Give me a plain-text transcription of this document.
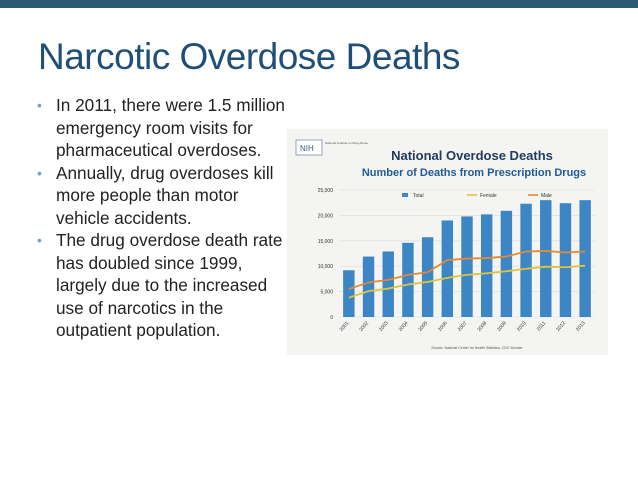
Narcotic Overdose Deaths
• In 2011, there were 1.5 million emergency room visits for pharmaceutical overdoses.
• Annually, drug overdoses kill more people than motor vehicle accidents.
• The drug overdose death rate has doubled since 1999, largely due to the increased use of narcotics in the outpatient population.
NIH
National Institute on Drug Abuse
National Overdose Deaths
Number of Deaths from Prescription Drugs
Total	Female	Male
25,000
20,000
15,000
10,000
5,000
0
2001 2002 2003 2004 2005 2006 2007 2008 2009 2010 2011 2012 2013
Source: National Center for Health Statistics, CDC Wonder
